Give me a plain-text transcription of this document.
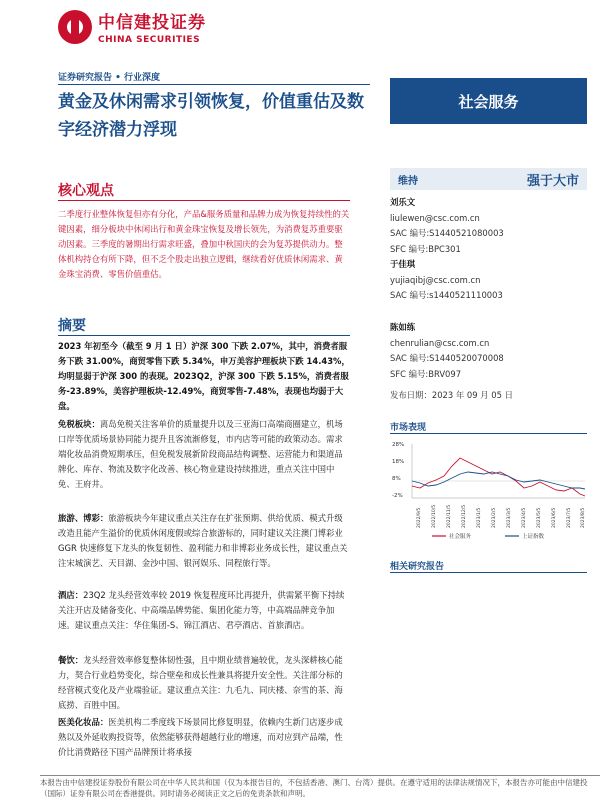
中信建投证券
CHINA SECURITIES
证券研究报告 • 行业深度
黄金及休闲需求引领恢复，价值重估及数字经济潜力浮现
社会服务
核心观点
二季度行业整体恢复但亦有分化，产品&服务质量和品牌力成为恢复持续性的关键因素，细分板块中休闲出行和黄金珠宝恢复及增长领先，为消费复苏重要驱动因素。三季度的暑期出行需求旺盛，叠加中秋国庆的会为复苏提供动力。整体机构持仓有所下降，但不乏个股走出独立逻辑，继续看好优质休闲需求、黄金珠宝消费、零售价值重估。
摘要
2023 年初至今（截至 9 月 1 日）沪深 300 下跌 2.07%，其中，消费者服务下跌 31.00%，商贸零售下跌 5.34%，申万美容护理板块下跌 14.43%，均明显弱于沪深 300 的表现。2023Q2，沪深 300 下跌 5.15%，消费者服务-23.89%，美容护理板块-12.49%，商贸零售-7.48%，表现也均弱于大盘。
免税板块：离岛免税关注客单价的质量提升以及三亚海口高端商圈建立，机场口岸等优质场景协同能力提升且客流渐修复，市内店等可能的政策动态。需求端化妆品消费短期承压，但免税发展新阶段商品结构调整、运营能力和渠道品牌化、库存、物流及数字化改善、核心物业建设持续推进，重点关注中国中免、王府井。
旅游、博彩：旅游板块今年建议重点关注存在扩张预期、供给优质、模式升级改造且能产生溢价的优质休闲度假或综合旅游标的，同时建议关注澳门博彩业 GGR 快速修复下龙头的恢复韧性、盈利能力和非博彩业务成长性，建议重点关注宋城演艺、天目湖、金沙中国、银河娱乐、同程旅行等。
酒店：23Q2 龙头经营效率较 2019 恢复程度环比再提升，供需紧平衡下持续关注开店及储备变化、中高端品牌势能、集团化能力等，中高端品牌竞争加速。建议重点关注：华住集团-S、锦江酒店、君亭酒店、首旅酒店。
餐饮：龙头经营效率修复整体韧性强，且中期业绩普遍较优，龙头深耕核心能力，契合行业趋势变化，综合壁垒和成长性兼具将提升安全性。关注部分标的经营模式变化及产业端验证。建议重点关注：九毛九、同庆楼、奈雪的茶、海底捞、百胜中国。
医美化妆品：医美机构二季度线下场景同比修复明显，依赖内生新门店逐步成熟以及外延收购投资等，依然能够获得超越行业的增速，而对应到产品端，性价比消费路径下国产品牌预计将承接
维持	强于大市
刘乐文
liulewen@csc.com.cn
SAC 编号:S1440521080003
SFC 编号:BPC301
于佳琪
yujiaqibj@csc.com.cn
SAC 编号:s1440521110003
陈如练
chenrulian@csc.com.cn
SAC 编号:S1440520070008
SFC 编号:BRV097
发布日期：2023 年 09 月 05 日
市场表现
28%
18%
8%
-2%
2022/9/5 2022/10/5 2022/11/5 2022/12/5 2023/1/5 2023/2/5 2023/3/5 2023/4/5 2023/5/5 2023/6/5 2023/7/5 2023/8/5
社会服务	上证指数
相关研究报告
本报告由中信建投证券股份有限公司在中华人民共和国（仅为本报告目的，不包括香港、澳门、台湾）提供。在遵守适用的法律法规情况下，本报告亦可能由中信建投（国际）证券有限公司在香港提供。同时请务必阅读正文之后的免责条款和声明。
